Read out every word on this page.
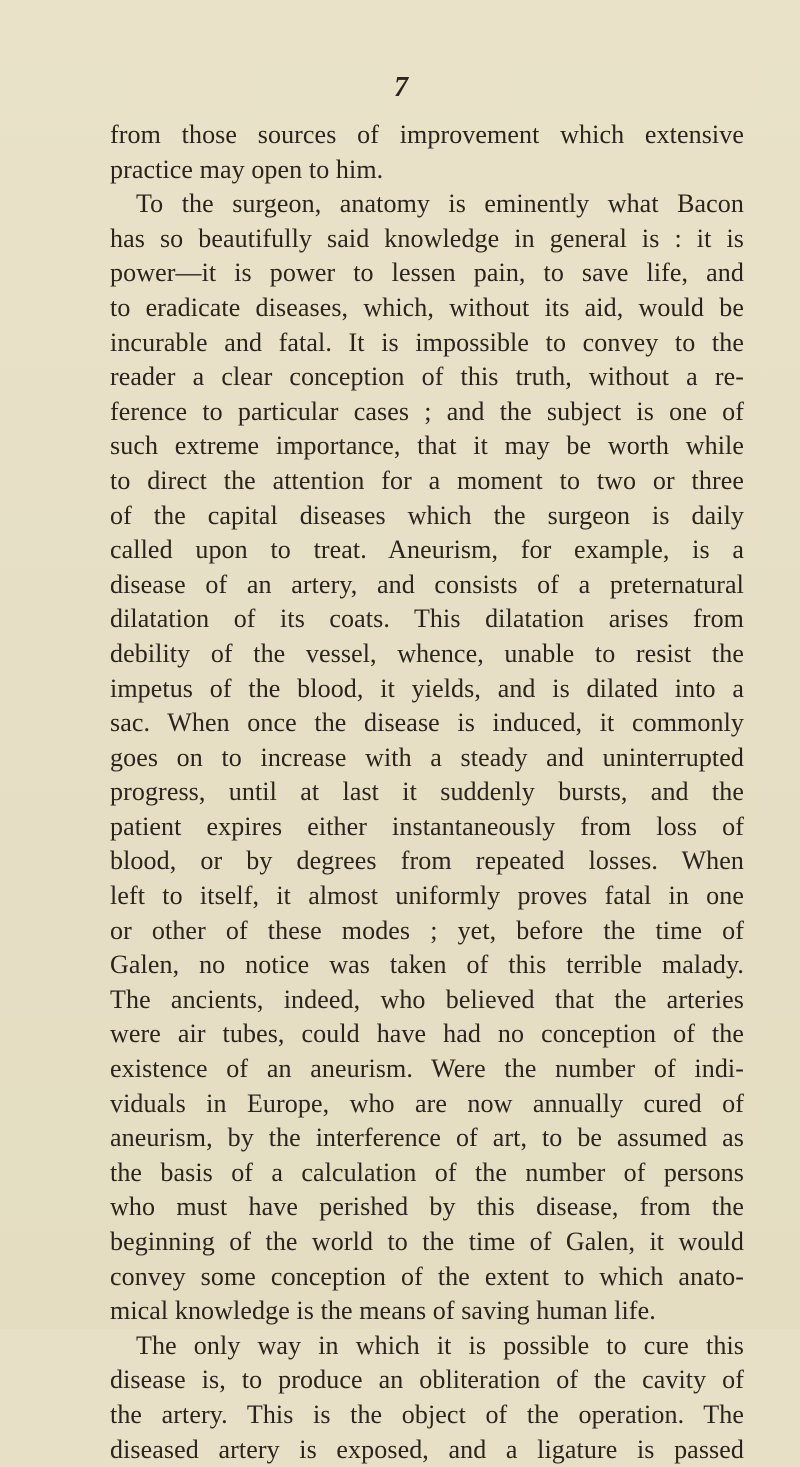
7
from those sources of improvement which extensive
practice may open to him.
To the surgeon, anatomy is eminently what Bacon
has so beautifully said knowledge in general is : it is
power—it is power to lessen pain, to save life, and
to eradicate diseases, which, without its aid, would be
incurable and fatal. It is impossible to convey to the
reader a clear conception of this truth, without a re-
ference to particular cases ; and the subject is one of
such extreme importance, that it may be worth while
to direct the attention for a moment to two or three
of the capital diseases which the surgeon is daily
called upon to treat. Aneurism, for example, is a
disease of an artery, and consists of a preternatural
dilatation of its coats. This dilatation arises from
debility of the vessel, whence, unable to resist the
impetus of the blood, it yields, and is dilated into a
sac. When once the disease is induced, it commonly
goes on to increase with a steady and uninterrupted
progress, until at last it suddenly bursts, and the
patient expires either instantaneously from loss of
blood, or by degrees from repeated losses. When
left to itself, it almost uniformly proves fatal in one
or other of these modes ; yet, before the time of
Galen, no notice was taken of this terrible malady.
The ancients, indeed, who believed that the arteries
were air tubes, could have had no conception of the
existence of an aneurism. Were the number of indi-
viduals in Europe, who are now annually cured of
aneurism, by the interference of art, to be assumed as
the basis of a calculation of the number of persons
who must have perished by this disease, from the
beginning of the world to the time of Galen, it would
convey some conception of the extent to which anato-
mical knowledge is the means of saving human life.
The only way in which it is possible to cure this
disease is, to produce an obliteration of the cavity of
the artery. This is the object of the operation. The
diseased artery is exposed, and a ligature is passed
